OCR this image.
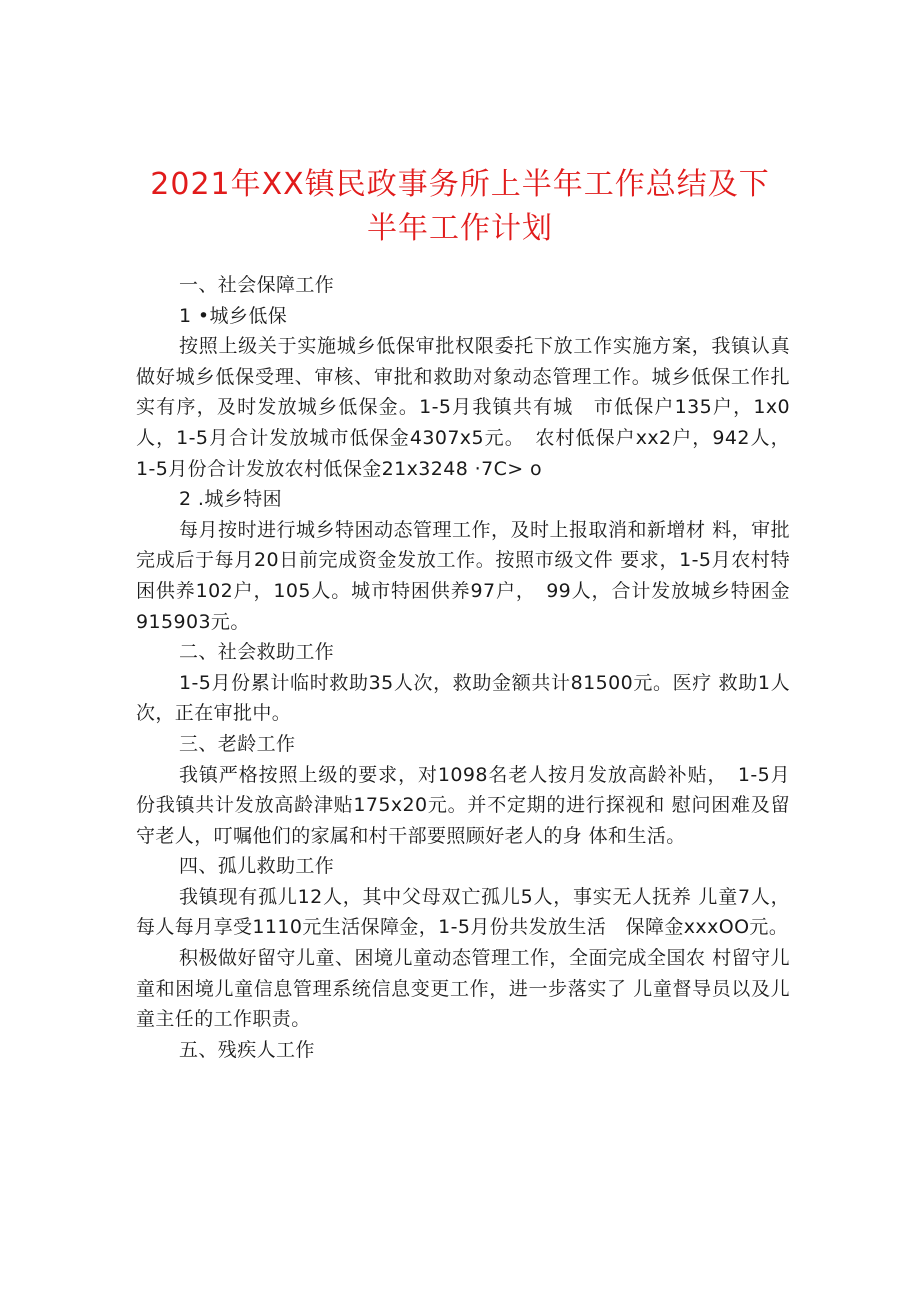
2021年XX镇民政事务所上半年工作总结及下
半年工作计划

一、社会保障工作

1 •城乡低保

按照上级关于实施城乡低保审批权限委托下放工作实施方案，我镇认真做好城乡低保受理、审核、审批和救助对象动态管理工作。城乡低保工作扎实有序，及时发放城乡低保金。1-5月我镇共有城　市低保户135户，1x0人，1-5月合计发放城市低保金4307x5元。　农村低保户xx2户，942人，1-5月份合计发放农村低保金21x3248 ·7C> o

2 .城乡特困

每月按时进行城乡特困动态管理工作，及时上报取消和新增材 料，审批完成后于每月20日前完成资金发放工作。按照市级文件 要求，1-5月农村特困供养102户，105人。城市特困供养97户，　99人，合计发放城乡特困金915903元。

二、社会救助工作

1-5月份累计临时救助35人次，救助金额共计81500元。医疗 救助1人次，正在审批中。

三、老龄工作

我镇严格按照上级的要求，对1098名老人按月发放高龄补贴，　1-5月份我镇共计发放高龄津贴175x20元。并不定期的进行探视和 慰问困难及留守老人，叮嘱他们的家属和村干部要照顾好老人的身 体和生活。

四、孤儿救助工作

我镇现有孤儿12人，其中父母双亡孤儿5人，事实无人抚养 儿童7人，每人每月享受1110元生活保障金，1-5月份共发放生活　保障金xxxOO元。

积极做好留守儿童、困境儿童动态管理工作，全面完成全国农 村留守儿童和困境儿童信息管理系统信息变更工作，进一步落实了 儿童督导员以及儿童主任的工作职责。

五、残疾人工作
